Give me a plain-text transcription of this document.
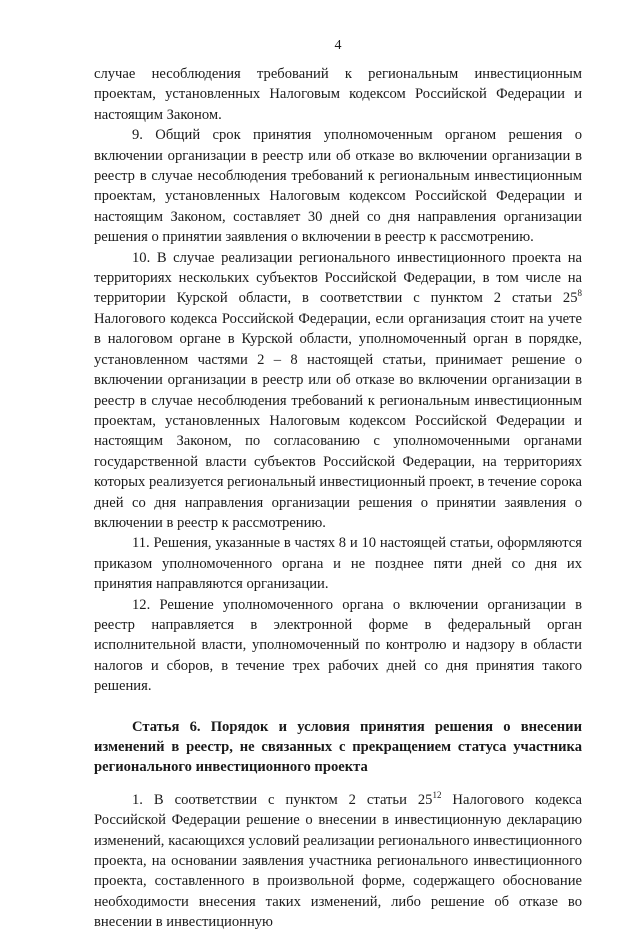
4

случае несоблюдения требований к региональным инвестиционным проектам, установленных Налоговым кодексом Российской Федерации и настоящим Законом.

9. Общий срок принятия уполномоченным органом решения о включении организации в реестр или об отказе во включении организации в реестр в случае несоблюдения требований к региональным инвестиционным проектам, установленных Налоговым кодексом Российской Федерации и настоящим Законом, составляет 30 дней со дня направления организации решения о принятии заявления о включении в реестр к рассмотрению.

10. В случае реализации регионального инвестиционного проекта на территориях нескольких субъектов Российской Федерации, в том числе на территории Курской области, в соответствии с пунктом 2 статьи $25^8$ Налогового кодекса Российской Федерации, если организация стоит на учете в налоговом органе в Курской области, уполномоченный орган в порядке, установленном частями 2 – 8 настоящей статьи, принимает решение о включении организации в реестр или об отказе во включении организации в реестр в случае несоблюдения требований к региональным инвестиционным проектам, установленных Налоговым кодексом Российской Федерации и настоящим Законом, по согласованию с уполномоченными органами государственной власти субъектов Российской Федерации, на территориях которых реализуется региональный инвестиционный проект, в течение сорока дней со дня направления организации решения о принятии заявления о включении в реестр к рассмотрению.

11. Решения, указанные в частях 8 и 10 настоящей статьи, оформляются приказом уполномоченного органа и не позднее пяти дней со дня их принятия направляются организации.

12. Решение уполномоченного органа о включении организации в реестр направляется в электронной форме в федеральный орган исполнительной власти, уполномоченный по контролю и надзору в области налогов и сборов, в течение трех рабочих дней со дня принятия такого решения.

Статья 6. Порядок и условия принятия решения о внесении изменений в реестр, не связанных с прекращением статуса участника регионального инвестиционного проекта

1. В соответствии с пунктом 2 статьи $25^{12}$ Налогового кодекса Российской Федерации решение о внесении в инвестиционную декларацию изменений, касающихся условий реализации регионального инвестиционного проекта, на основании заявления участника регионального инвестиционного проекта, составленного в произвольной форме, содержащего обоснование необходимости внесения таких изменений, либо решение об отказе во внесении в инвестиционную
